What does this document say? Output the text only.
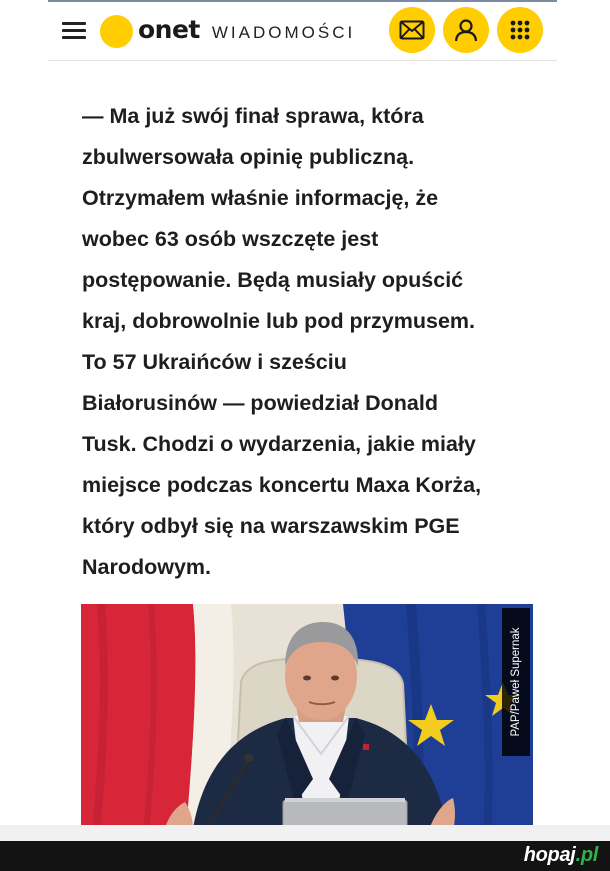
onet WIADOMOŚCI

— Ma już swój finał sprawa, która
zbulwersowała opinię publiczną.
Otrzymałem właśnie informację, że
wobec 63 osób wszczęte jest
postępowanie. Będą musiały opuścić
kraj, dobrowolnie lub pod przymusem.
To 57 Ukraińców i sześciu
Białorusinów — powiedział Donald
Tusk. Chodzi o wydarzenia, jakie miały
miejsce podczas koncertu Maxa Korża,
który odbył się na warszawskim PGE
Narodowym.

PAP/Paweł Supernak
hopaj.pl
